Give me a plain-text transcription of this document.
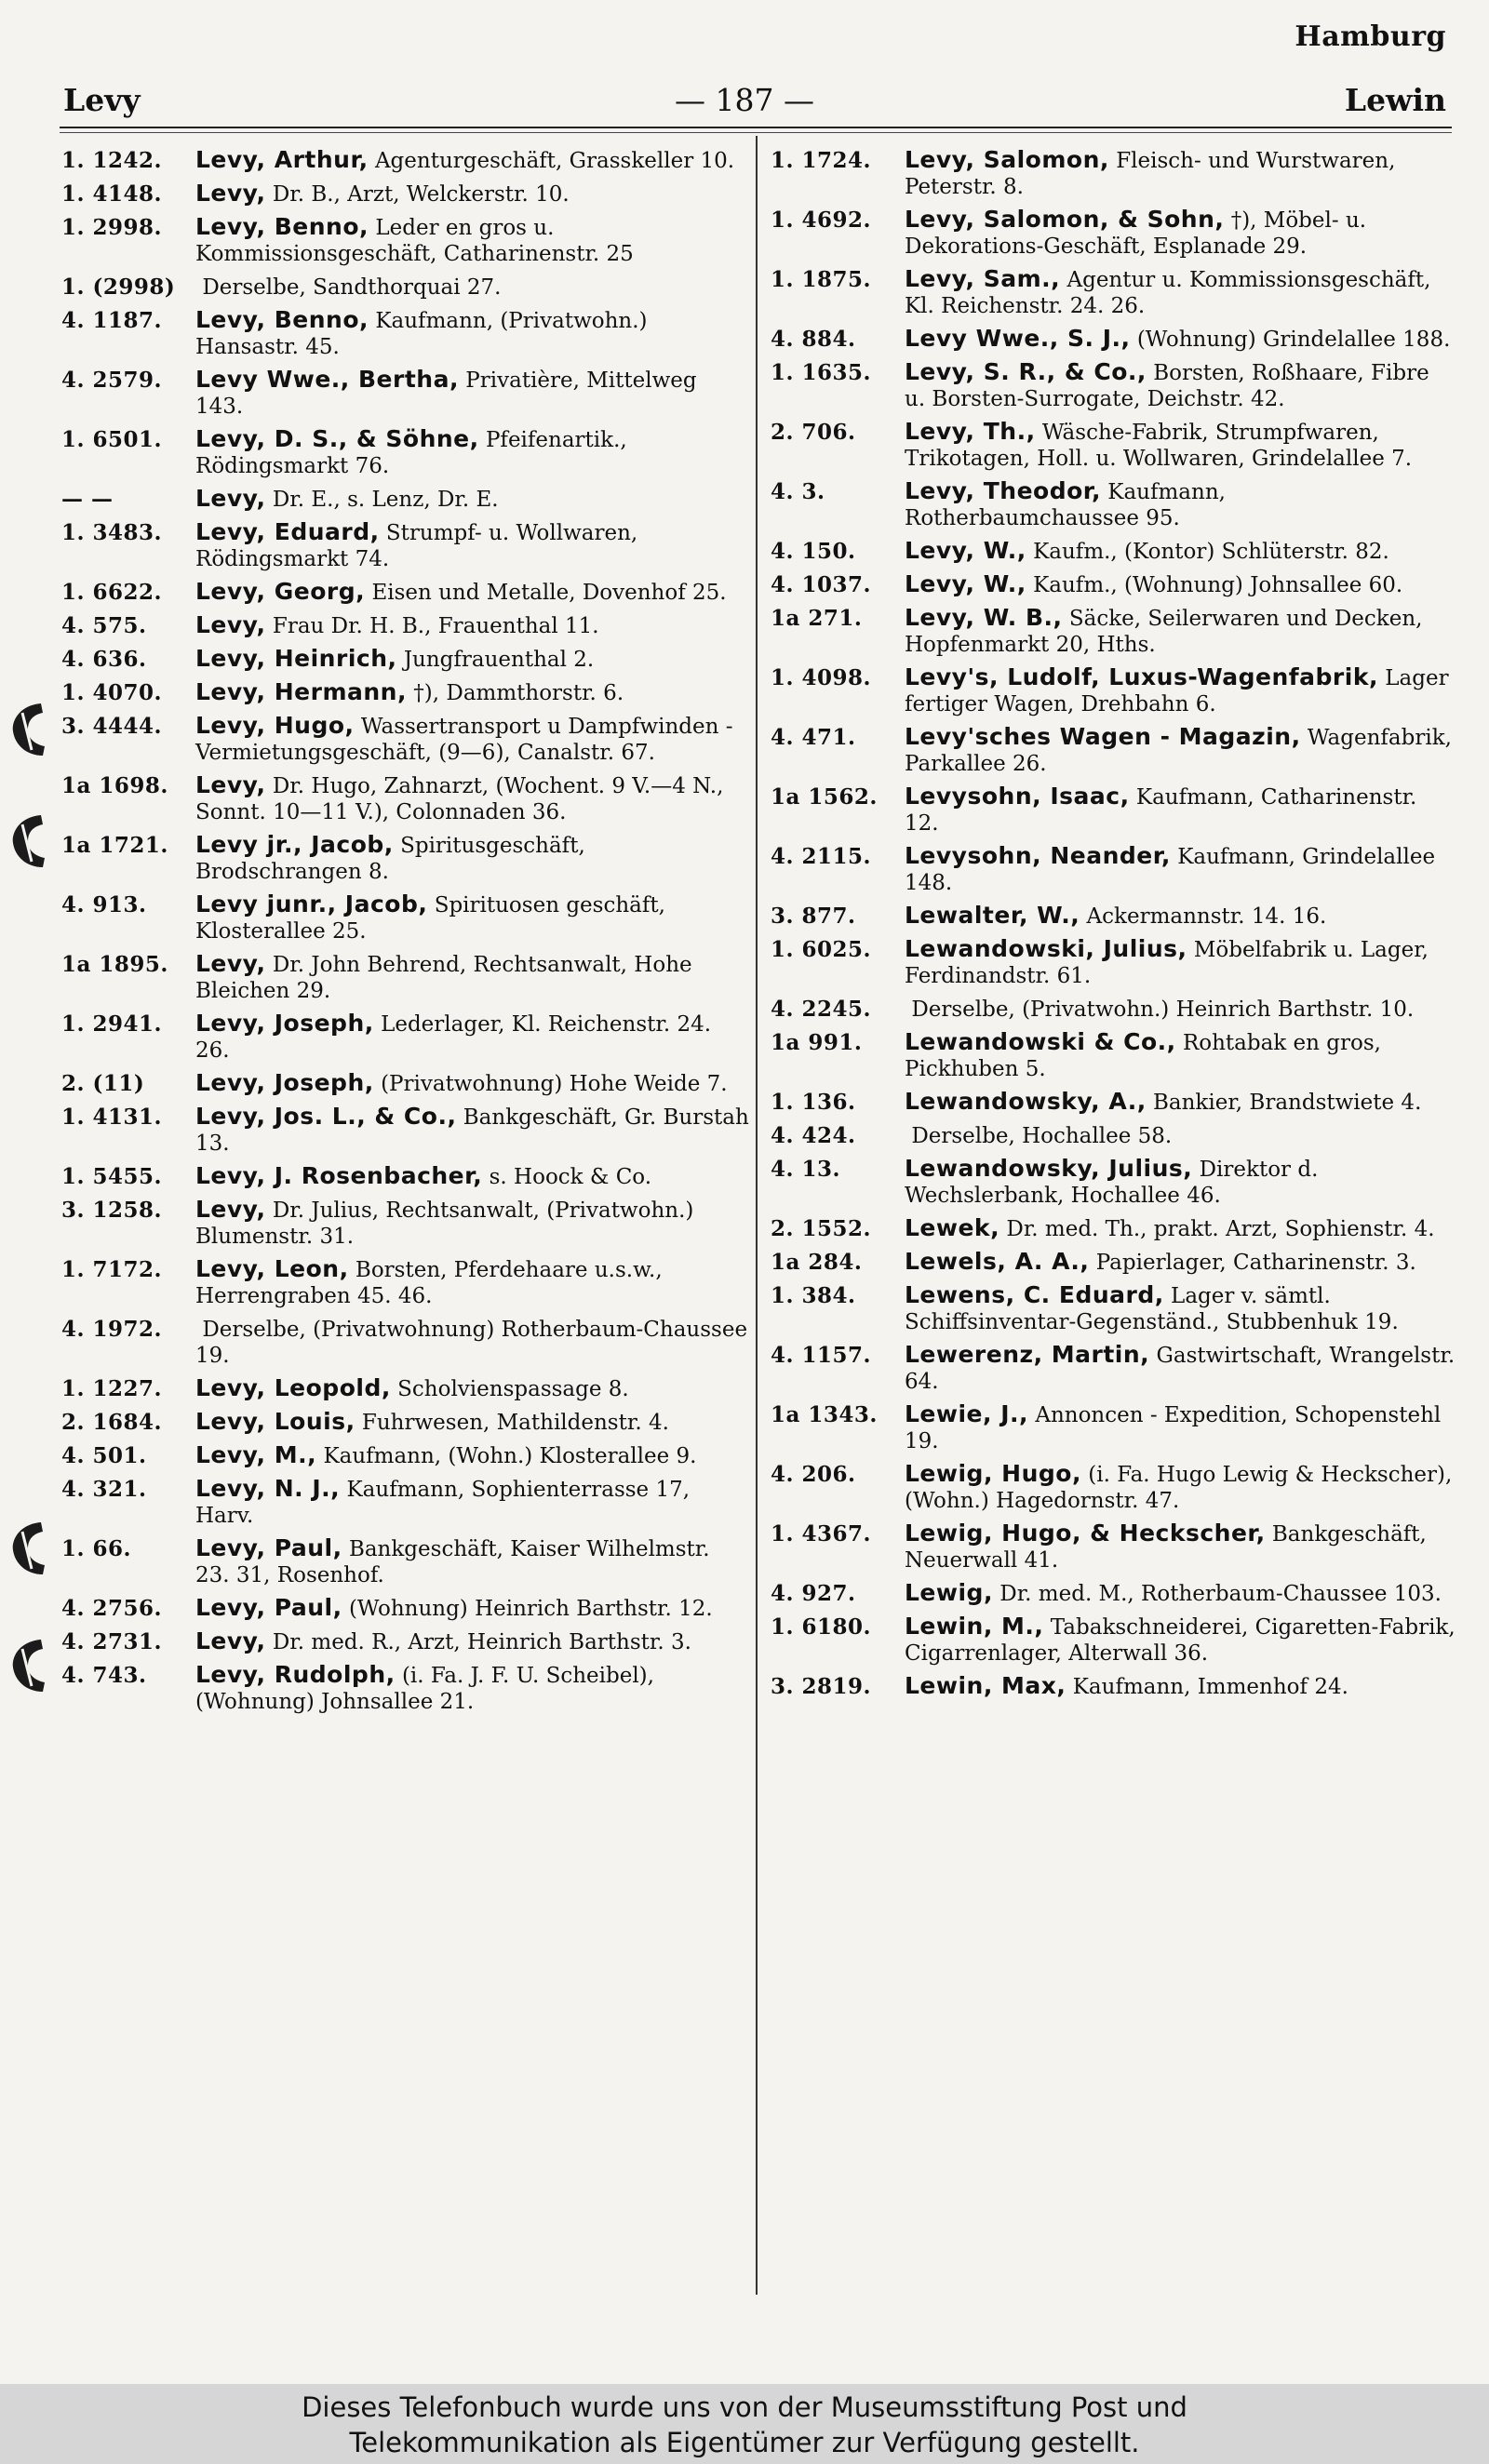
Hamburg
Levy	— 187 —	Lewin

1. 1242. Levy, Arthur, Agenturgeschäft, Grasskeller 10.

1. 4148. Levy, Dr. B., Arzt, Welckerstr. 10.

1. 2998. Levy, Benno, Leder en gros u. Kommissionsgeschäft, Catharinenstr. 25

1. (2998) Derselbe, Sandthorquai 27.

4. 1187. Levy, Benno, Kaufmann, (Privatwohn.) Hansastr. 45.

4. 2579. Levy Wwe., Bertha, Privatière, Mittelweg 143.

1. 6501. Levy, D. S., & Söhne, Pfeifenartik., Rödingsmarkt 76.

— —	Levy, Dr. E., s. Lenz, Dr. E.

1. 3483. Levy, Eduard, Strumpf- u. Wollwaren, Rödingsmarkt 74.

1. 6622. Levy, Georg, Eisen und Metalle, Dovenhof 25.

4. 575. Levy, Frau Dr. H. B., Frauenthal 11.

4. 636. Levy, Heinrich, Jungfrauenthal 2.

1. 4070. Levy, Hermann, †), Dammthorstr. 6.

3. 4444. Levy, Hugo, Wassertransport u Dampfwinden - Vermietungsgeschäft, (9—6), Canalstr. 67.

1a 1698. Levy, Dr. Hugo, Zahnarzt, (Wochent. 9 V.—4 N., Sonnt. 10—11 V.), Colonnaden 36.

1a 1721. Levy jr., Jacob, Spiritusgeschäft, Brodschrangen 8.

4. 913. Levy junr., Jacob, Spirituosen geschäft, Klosterallee 25.

1a 1895. Levy, Dr. John Behrend, Rechtsanwalt, Hohe Bleichen 29.

1. 2941. Levy, Joseph, Lederlager, Kl. Reichenstr. 24. 26.

2. (11) Levy, Joseph, (Privatwohnung) Hohe Weide 7.

1. 4131. Levy, Jos. L., & Co., Bankgeschäft, Gr. Burstah 13.

1. 5455. Levy, J. Rosenbacher, s. Hoock & Co.

3. 1258. Levy, Dr. Julius, Rechtsanwalt, (Privatwohn.) Blumenstr. 31.

1. 7172. Levy, Leon, Borsten, Pferdehaare u.s.w., Herrengraben 45. 46.

4. 1972. Derselbe, (Privatwohnung) Rotherbaum-Chaussee 19.

1. 1227. Levy, Leopold, Scholvienspassage 8.

2. 1684. Levy, Louis, Fuhrwesen, Mathildenstr. 4.

4. 501. Levy, M., Kaufmann, (Wohn.) Klosterallee 9.

4. 321. Levy, N. J., Kaufmann, Sophienterrasse 17, Harv.

1. 66.	Levy, Paul, Bankgeschäft, Kaiser Wilhelmstr. 23. 31, Rosenhof.

4. 2756. Levy, Paul, (Wohnung) Heinrich Barthstr. 12.

4. 2731. Levy, Dr. med. R., Arzt, Heinrich Barthstr. 3.

4. 743. Levy, Rudolph, (i. Fa. J. F. U. Scheibel), (Wohnung) Johnsallee 21.

1. 1724. Levy, Salomon, Fleisch- und Wurstwaren, Peterstr. 8.

1. 4692. Levy, Salomon, & Sohn, †), Möbel- u. Dekorations-Geschäft, Esplanade 29.

1. 1875. Levy, Sam., Agentur u. Kommissionsgeschäft, Kl. Reichenstr. 24. 26.

4. 884. Levy Wwe., S. J., (Wohnung) Grindelallee 188.

1. 1635. Levy, S. R., & Co., Borsten, Roßhaare, Fibre u. Borsten-Surrogate, Deichstr. 42.

2. 706. Levy, Th., Wäsche-Fabrik, Strumpfwaren, Trikotagen, Holl. u. Wollwaren, Grindelallee 7.

4. 3.	Levy, Theodor, Kaufmann, Rotherbaumchaussee 95.

4. 150. Levy, W., Kaufm., (Kontor) Schlüterstr. 82.

4. 1037. Levy, W., Kaufm., (Wohnung) Johnsallee 60.

1a 271. Levy, W. B., Säcke, Seilerwaren und Decken, Hopfenmarkt 20, Hths.

1. 4098. Levy's, Ludolf, Luxus-Wagenfabrik, Lager fertiger Wagen, Drehbahn 6.

4. 471. Levy'sches Wagen - Magazin, Wagenfabrik, Parkallee 26.

1a 1562. Levysohn, Isaac, Kaufmann, Catharinenstr. 12.

4. 2115. Levysohn, Neander, Kaufmann, Grindelallee 148.

3. 877. Lewalter, W., Ackermannstr. 14. 16.

1. 6025. Lewandowski, Julius, Möbelfabrik u. Lager, Ferdinandstr. 61.

4. 2245. Derselbe, (Privatwohn.) Heinrich Barthstr. 10.

1a 991. Lewandowski & Co., Rohtabak en gros, Pickhuben 5.

1. 136. Lewandowsky, A., Bankier, Brandstwiete 4.

4. 424.	Derselbe, Hochallee 58.

4. 13.	Lewandowsky, Julius, Direktor d. Wechslerbank, Hochallee 46.

2. 1552. Lewek, Dr. med. Th., prakt. Arzt, Sophienstr. 4.

1a 284. Lewels, A. A., Papierlager, Catharinenstr. 3.

1. 384. Lewens, C. Eduard, Lager v. sämtl. Schiffsinventar-Gegenständ., Stubbenhuk 19.

4. 1157. Lewerenz, Martin, Gastwirtschaft, Wrangelstr. 64.

1a 1343. Lewie, J., Annoncen - Expedition, Schopenstehl 19.

4. 206. Lewig, Hugo, (i. Fa. Hugo Lewig & Heckscher), (Wohn.) Hagedornstr. 47.

1. 4367. Lewig, Hugo, & Heckscher, Bankgeschäft, Neuerwall 41.

4. 927. Lewig, Dr. med. M., Rotherbaum-Chaussee 103.

1. 6180. Lewin, M., Tabakschneiderei, Cigaretten-Fabrik, Cigarrenlager, Alterwall 36.

3. 2819. Lewin, Max, Kaufmann, Immenhof 24.

Dieses Telefonbuch wurde uns von der Museumsstiftung Post und
Telekommunikation als Eigentümer zur Verfügung gestellt.
